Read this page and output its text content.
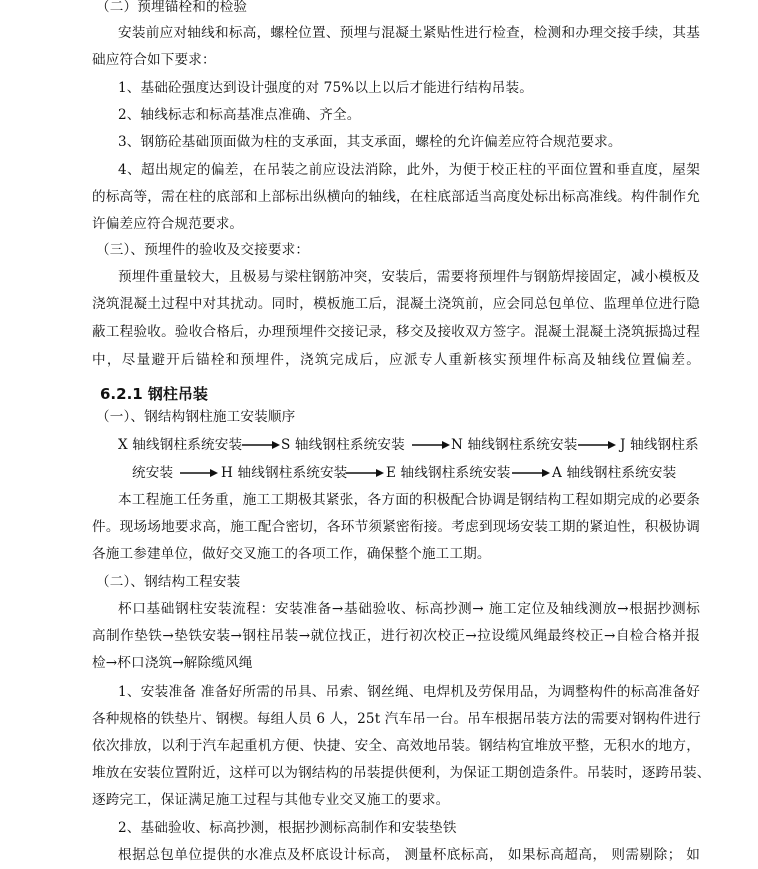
（二）预埋锚栓和的检验
安装前应对轴线和标高，螺栓位置、预埋与混凝土紧贴性进行检查，检测和办理交接手续，其基
础应符合如下要求：
1、基础砼强度达到设计强度的对 75%以上以后才能进行结构吊装。
2、轴线标志和标高基准点准确、齐全。
3、钢筋砼基础顶面做为柱的支承面，其支承面，螺栓的允许偏差应符合规范要求。
4、超出规定的偏差，在吊装之前应设法消除，此外，为便于校正柱的平面位置和垂直度，屋架
的标高等，需在柱的底部和上部标出纵横向的轴线，在柱底部适当高度处标出标高准线。构件制作允
许偏差应符合规范要求。
（三）、预埋件的验收及交接要求：
预埋件重量较大，且极易与梁柱钢筋冲突，安装后，需要将预埋件与钢筋焊接固定，减小模板及
浇筑混凝土过程中对其扰动。同时，模板施工后，混凝土浇筑前，应会同总包单位、监理单位进行隐
蔽工程验收。验收合格后，办理预埋件交接记录，移交及接收双方签字。混凝土混凝土浇筑振捣过程
中，尽量避开后锚栓和预埋件，浇筑完成后，应派专人重新核实预埋件标高及轴线位置偏差。
6.2.1 钢柱吊装
（一）、钢结构钢柱施工安装顺序
X 轴线钢柱系统安装	S 轴线钢柱系统安装	N 轴线钢柱系统安装	J 轴线钢柱系
统安装	H 轴线钢柱系统安装	E 轴线钢柱系统安装	A 轴线钢柱系统安装
本工程施工任务重，施工工期极其紧张，各方面的积极配合协调是钢结构工程如期完成的必要条
件。现场场地要求高，施工配合密切，各环节须紧密衔接。考虑到现场安装工期的紧迫性，积极协调
各施工参建单位，做好交叉施工的各项工作，确保整个施工工期。
（二）、钢结构工程安装
杯口基础钢柱安装流程：安装准备→基础验收、标高抄测→ 施工定位及轴线测放→根据抄测标
高制作垫铁→垫铁安装→钢柱吊装→就位找正，进行初次校正→拉设缆风绳最终校正→自检合格并报
检→杯口浇筑→解除缆风绳
1、安装准备 准备好所需的吊具、吊索、钢丝绳、电焊机及劳保用品，为调整构件的标高准备好
各种规格的铁垫片、钢楔。每组人员 6 人，25t 汽车吊一台。吊车根据吊装方法的需要对钢构件进行
依次排放，以利于汽车起重机方便、快捷、安全、高效地吊装。钢结构宜堆放平整，无积水的地方，
堆放在安装位置附近，这样可以为钢结构的吊装提供便利，为保证工期创造条件。吊装时，逐跨吊装、
逐跨完工，保证满足施工过程与其他专业交叉施工的要求。
2、基础验收、标高抄测，根据抄测标高制作和安装垫铁
根据总包单位提供的水准点及杯底设计标高， 测量杯底标高， 如果标高超高， 则需剔除； 如
